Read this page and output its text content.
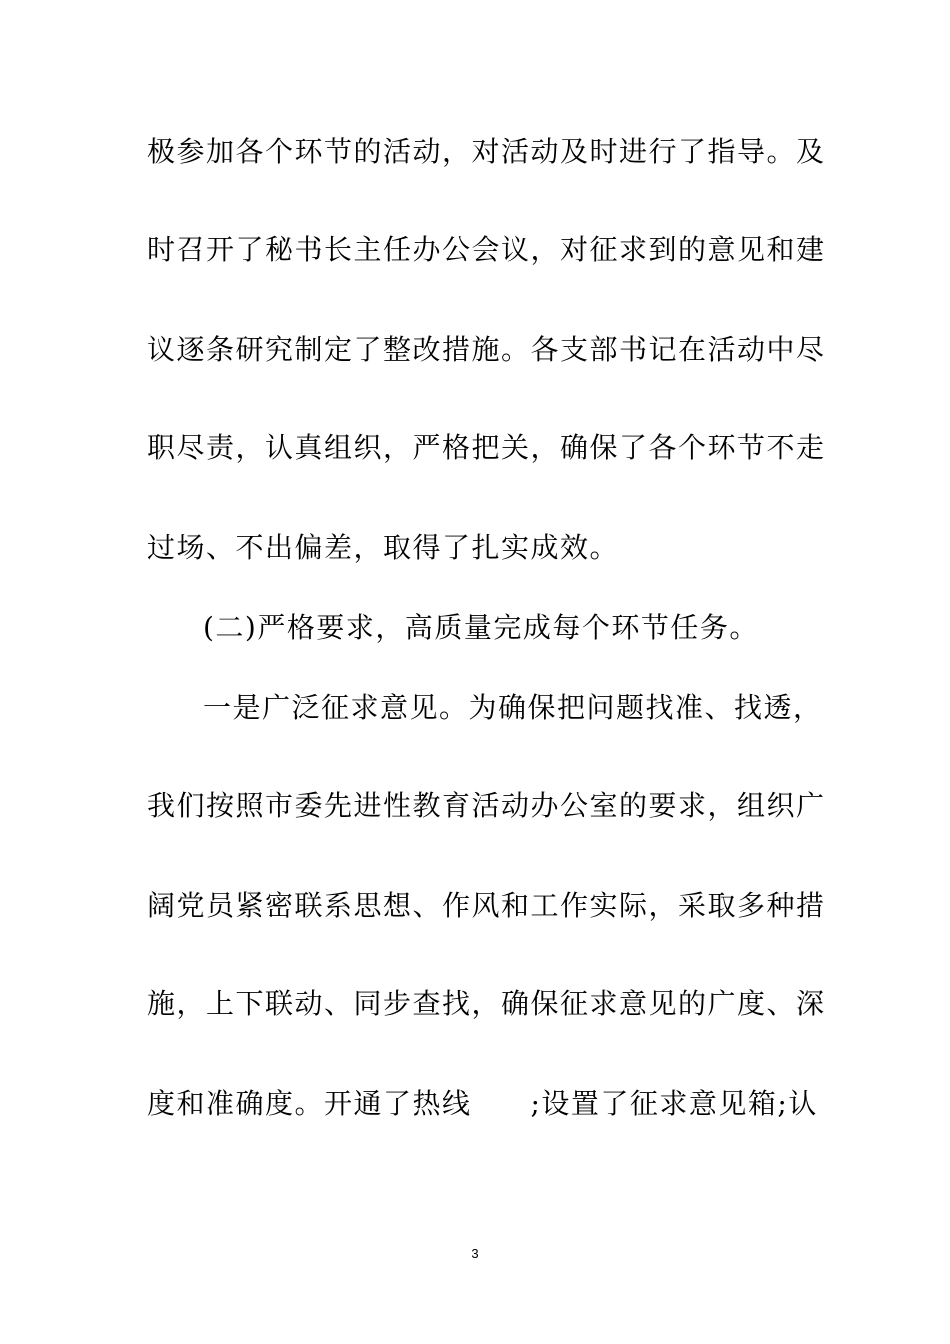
极参加各个环节的活动，对活动及时进行了指导。及
时召开了秘书长主任办公会议，对征求到的意见和建
议逐条研究制定了整改措施。各支部书记在活动中尽
职尽责，认真组织，严格把关，确保了各个环节不走
过场、不出偏差，取得了扎实成效。
(二)严格要求，高质量完成每个环节任务。
一是广泛征求意见。为确保把问题找准、找透，
我们按照市委先进性教育活动办公室的要求，组织广
阔党员紧密联系思想、作风和工作实际，采取多种措
施，上下联动、同步查找，确保征求意见的广度、深
度和准确度。开通了热线　　;设置了征求意见箱;认
3
